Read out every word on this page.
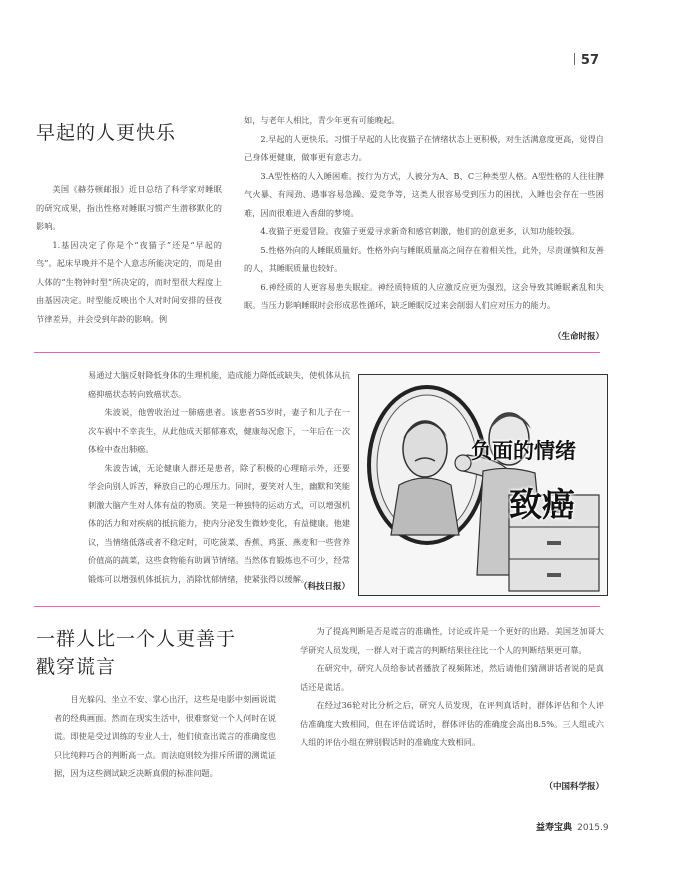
57
早起的人更快乐

美国《赫芬顿邮报》近日总结了科学家对睡眠的研究成果，指出性格对睡眠习惯产生潜移默化的影响。

1.基因决定了你是个“夜猫子”还是“早起的鸟”。起床早晚并不是个人意志所能决定的，而是由人体的“生物钟时型”所决定的，而时型很大程度上由基因决定。时型能反映出个人对时间安排的昼夜节律差异，并会受到年龄的影响。例

如，与老年人相比，青少年更有可能晚起。

2.早起的人更快乐。习惯于早起的人比夜猫子在情绪状态上更积极，对生活满意度更高，觉得自己身体更健康，做事更有意志力。

3.A型性格的人入睡困难。按行为方式，人被分为A、B、C三种类型人格。A型性格的人往往脾气火暴、有闯劲、遇事容易急躁、爱竞争等，这类人很容易受到压力的困扰，入睡也会存在一些困难，因而很难进入香甜的梦境。

4.夜猫子更爱冒险。夜猫子更爱寻求新奇和感官刺激，他们的创意更多，认知功能较强。

5.性格外向的人睡眠质量好。性格外向与睡眠质量高之间存在着相关性，此外，尽责谨慎和友善的人，其睡眠质量也较好。

6.神经质的人更容易患失眠症。神经质特质的人应激反应更为强烈，这会导致其睡眠紊乱和失眠。当压力影响睡眠时会形成恶性循环，缺乏睡眠反过来会削弱人们应对压力的能力。

（生命时报）

易通过大脑反射降低身体的生理机能，造成能力降低或缺失，使机体从抗癌抑癌状态转向致癌状态。

朱波说，他曾收治过一肺癌患者。该患者55岁时，妻子和儿子在一次车祸中不幸丧生，从此他成天郁郁寡欢，健康每况愈下，一年后在一次体检中查出肺癌。

朱波告诫，无论健康人群还是患者，除了积极的心理暗示外，还要学会向别人诉苦，释放自己的心理压力。同时，要笑对人生，幽默和笑能刺激大脑产生对人体有益的物质。笑是一种独特的运动方式，可以增强机体的活力和对疾病的抵抗能力，使内分泌发生微妙变化，有益健康。他建议，当情绪低落或者不稳定时，可吃菠菜、香蕉、鸡蛋、燕麦和一些营养价值高的蔬菜，这些食物能有助调节情绪。当然体育锻炼也不可少，经常锻炼可以增强机体抵抗力，消除忧郁情绪，使紧张得以缓解。

（科技日报）
负面的情绪
致癌
一群人比一个人更善于
戳穿谎言

目光躲闪、坐立不安、掌心出汗，这些是电影中刻画说谎者的经典画面。然而在现实生活中，很难察觉一个人何时在说谎。即使是受过训练的专业人士，他们侦查出谎言的准确度也只比纯粹巧合的判断高一点。而法庭则较为排斥所谓的测谎证据，因为这些测试缺乏决断真假的标准问题。

为了提高判断是否是谎言的准确性，讨论或许是一个更好的出路。美国芝加哥大学研究人员发现，一群人对于谎言的判断结果往往比一个人的判断结果更可靠。

在研究中，研究人员给参试者播放了视频陈述，然后请他们猜测讲话者说的是真话还是谎话。

在经过36轮对比分析之后，研究人员发现，在评判真话时，群体评估和个人评估准确度大致相同，但在评估谎话时，群体评估的准确度会高出8.5%。三人组或六人组的评估小组在辨别假话时的准确度大致相同。

（中国科学报）
益寿宝典 2015.9
